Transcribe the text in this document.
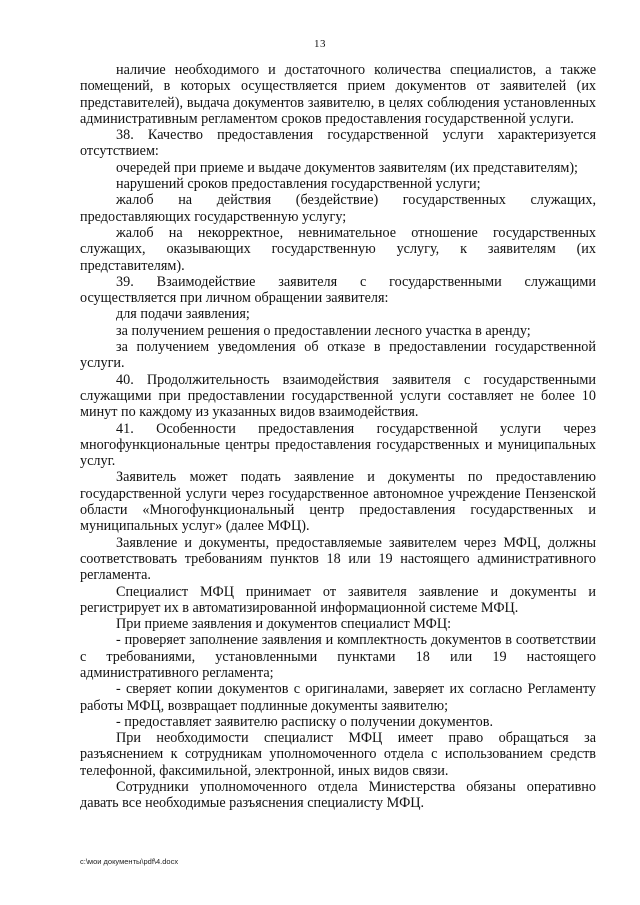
13

наличие необходимого и достаточного количества специалистов, а также помещений, в которых осуществляется прием документов от заявителей (их представителей), выдача документов заявителю, в целях соблюдения установленных административным регламентом сроков предоставления государственной услуги.

38. Качество предоставления государственной услуги характеризуется отсутствием:

очередей при приеме и выдаче документов заявителям (их представителям);

нарушений сроков предоставления государственной услуги;

жалоб на действия (бездействие) государственных служащих, предоставляющих государственную услугу;

жалоб на некорректное, невнимательное отношение государственных служащих, оказывающих государственную услугу, к заявителям (их представителям).

39. Взаимодействие заявителя с государственными служащими осуществляется при личном обращении заявителя:

для подачи заявления;

за получением решения о предоставлении лесного участка в аренду;

за получением уведомления об отказе в предоставлении государственной услуги.

40. Продолжительность взаимодействия заявителя с государственными служащими при предоставлении государственной услуги составляет не более 10 минут по каждому из указанных видов взаимодействия.

41. Особенности предоставления государственной услуги через многофункциональные центры предоставления государственных и муниципальных услуг.

Заявитель может подать заявление и документы по предоставлению государственной услуги через государственное автономное учреждение Пензенской области «Многофункциональный центр предоставления государственных и муниципальных услуг» (далее МФЦ).

Заявление и документы, предоставляемые заявителем через МФЦ, должны соответствовать требованиям пунктов 18 или 19 настоящего административного регламента.

Специалист МФЦ принимает от заявителя заявление и документы и регистрирует их в автоматизированной информационной системе МФЦ.

При приеме заявления и документов специалист МФЦ:

- проверяет заполнение заявления и комплектность документов в соответствии с требованиями, установленными пунктами 18 или 19 настоящего административного регламента;

- сверяет копии документов с оригиналами, заверяет их согласно Регламенту работы МФЦ, возвращает подлинные документы заявителю;

- предоставляет заявителю расписку о получении документов.

При необходимости специалист МФЦ имеет право обращаться за разъяснением к сотрудникам уполномоченного отдела с использованием средств телефонной, факсимильной, электронной, иных видов связи.

Сотрудники уполномоченного отдела Министерства обязаны оперативно давать все необходимые разъяснения специалисту МФЦ.

c:\мои документы\pdf\4.docx
